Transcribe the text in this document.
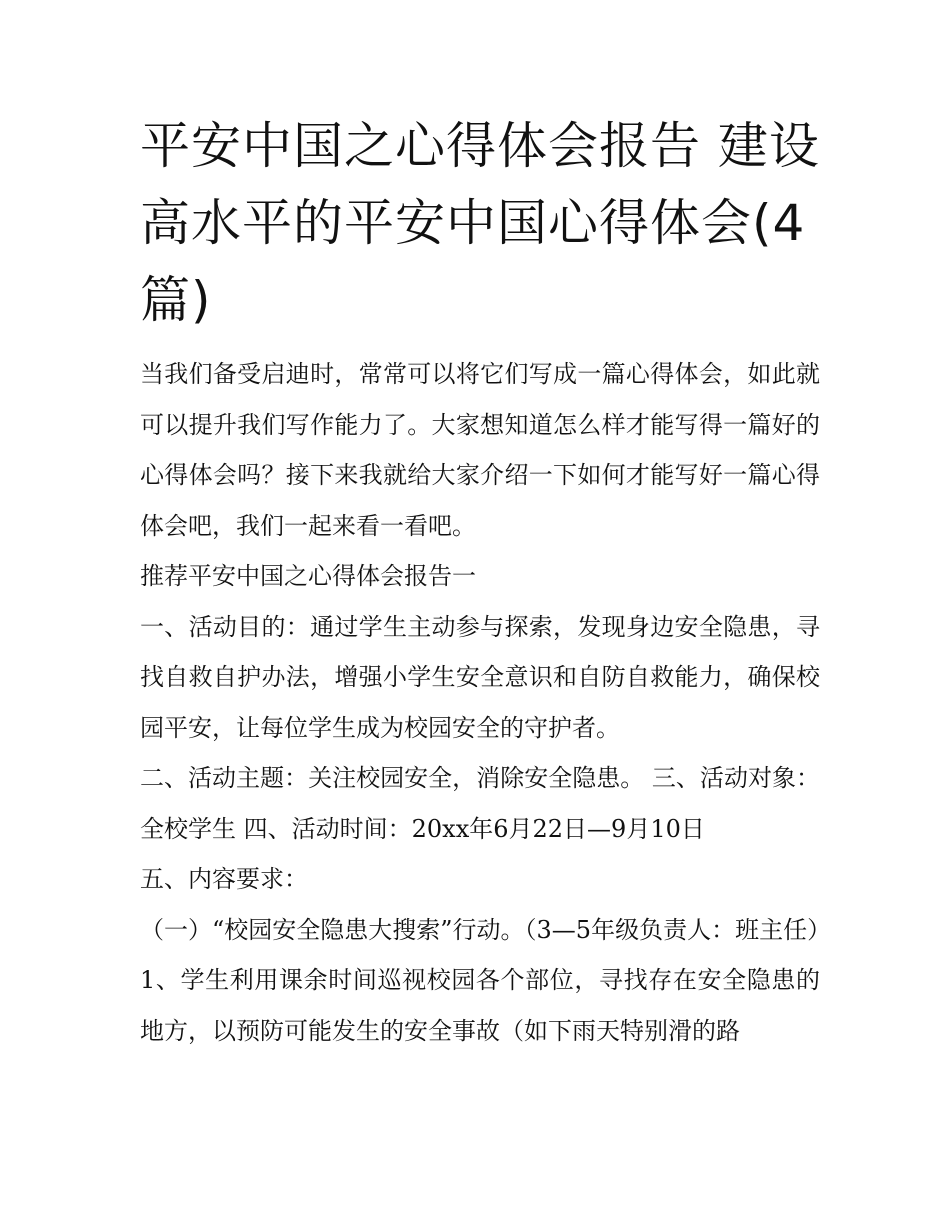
平安中国之心得体会报告 建设高水平的平安中国心得体会(4篇)

当我们备受启迪时，常常可以将它们写成一篇心得体会，如此就可以提升我们写作能力了。大家想知道怎么样才能写得一篇好的心得体会吗？接下来我就给大家介绍一下如何才能写好一篇心得体会吧，我们一起来看一看吧。

推荐平安中国之心得体会报告一

一、活动目的：通过学生主动参与探索，发现身边安全隐患，寻找自救自护办法，增强小学生安全意识和自防自救能力，确保校园平安，让每位学生成为校园安全的守护者。

二、活动主题：关注校园安全，消除安全隐患。 三、活动对象：全校学生 四、活动时间：20xx年6月22日—9月10日

五、内容要求：

（一）“校园安全隐患大搜索”行动。（3—5年级负责人：班主任）

1、学生利用课余时间巡视校园各个部位，寻找存在安全隐患的地方，以预防可能发生的安全事故（如下雨天特别滑的路
